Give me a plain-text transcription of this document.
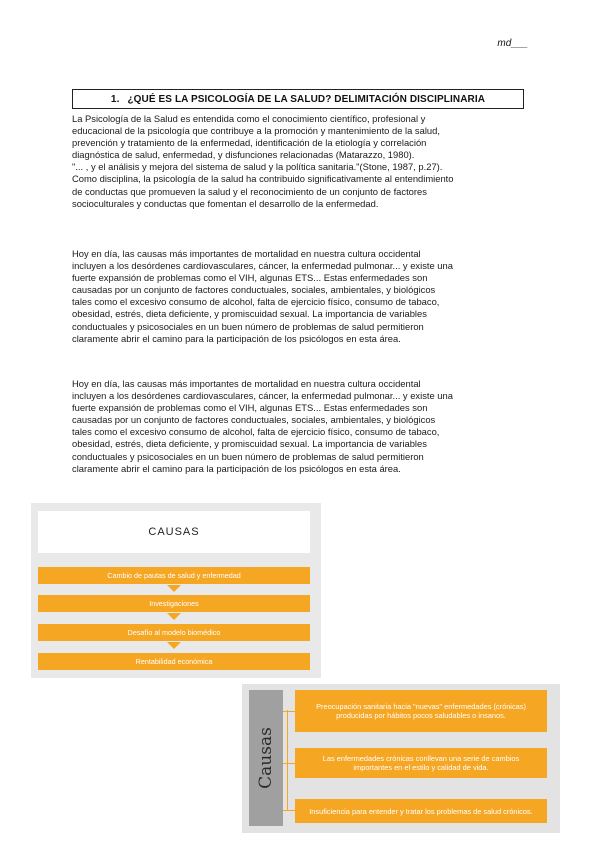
md___
1. ¿QUÉ ES LA PSICOLOGÍA DE LA SALUD? DELIMITACIÓN DISCIPLINARIA
La Psicología de la Salud es entendida como el conocimiento científico, profesional y
educacional de la psicología que contribuye a la promoción y mantenimiento de la salud,
prevención y tratamiento de la enfermedad, identificación de la etiología y correlación
diagnóstica de salud, enfermedad, y disfunciones relacionadas (Matarazzo, 1980).
"... , y el análisis y mejora del sistema de salud y la política sanitaria."(Stone, 1987, p.27).
Como disciplina, la psicología de la salud ha contribuido significativamente al entendimiento
de conductas que promueven la salud y el reconocimiento de un conjunto de factores
socioculturales y conductas que fomentan el desarrollo de la enfermedad.
Hoy en día, las causas más importantes de mortalidad en nuestra cultura occidental
incluyen a los desórdenes cardiovasculares, cáncer, la enfermedad pulmonar... y existe una
fuerte expansión de problemas como el VIH, algunas ETS... Estas enfermedades son
causadas por un conjunto de factores conductuales, sociales, ambientales, y biológicos
tales como el excesivo consumo de alcohol, falta de ejercicio físico, consumo de tabaco,
obesidad, estrés, dieta deficiente, y promiscuidad sexual. La importancia de variables
conductuales y psicosociales en un buen número de problemas de salud permitieron
claramente abrir el camino para la participación de los psicólogos en esta área.
Hoy en día, las causas más importantes de mortalidad en nuestra cultura occidental
incluyen a los desórdenes cardiovasculares, cáncer, la enfermedad pulmonar... y existe una
fuerte expansión de problemas como el VIH, algunas ETS... Estas enfermedades son
causadas por un conjunto de factores conductuales, sociales, ambientales, y biológicos
tales como el excesivo consumo de alcohol, falta de ejercicio físico, consumo de tabaco,
obesidad, estrés, dieta deficiente, y promiscuidad sexual. La importancia de variables
conductuales y psicosociales en un buen número de problemas de salud permitieron
claramente abrir el camino para la participación de los psicólogos en esta área.
CAUSAS
Cambio de pautas de salud y enfermedad
Investigaciones
Desafío al modelo biomédico
Rentabilidad económica
Causas
Preocupación sanitaria hacia "nuevas" enfermedades (crónicas) producidas por hábitos pocos saludables o insanos.
Las enfermedades crónicas conllevan una serie de cambios importantes en el estilo y calidad de vida.
Insuficiencia para entender y tratar los problemas de salud crónicos.
